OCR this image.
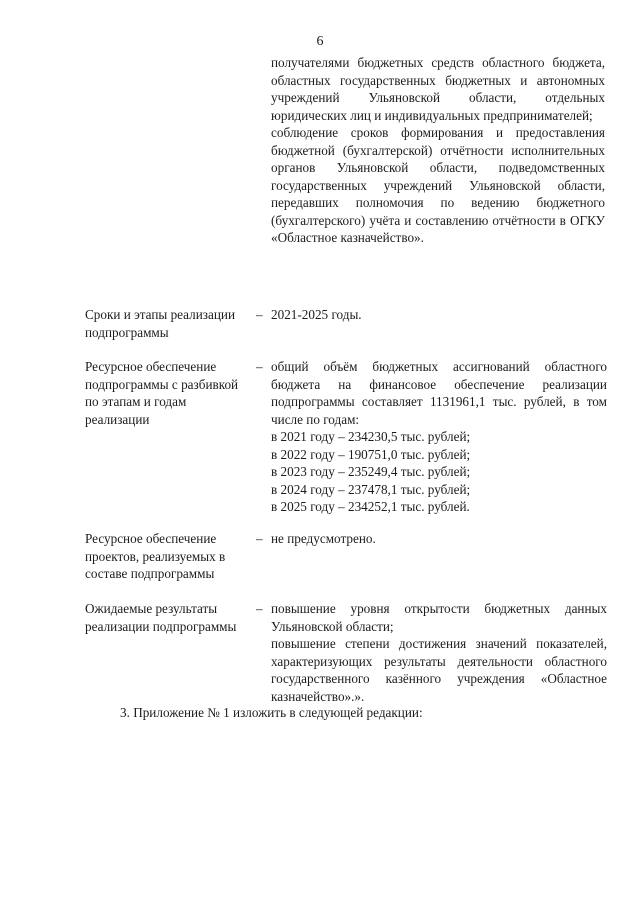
6
получателями бюджетных средств областного бюджета, областных государственных бюджетных и автономных учреждений Ульяновской области, отдельных юридических лиц и индивидуальных предпринимателей;
соблюдение сроков формирования и предоставления бюджетной (бухгалтерской) отчётности исполнительных органов Ульяновской области, подведомственных государственных учреждений Ульяновской области, передавших полномочия по ведению бюджетного (бухгалтерского) учёта и составлению отчётности в ОГКУ «Областное казначейство».
Сроки и этапы реализации подпрограммы
– 2021-2025 годы.
Ресурсное обеспечение подпрограммы с разбивкой по этапам и годам реализации
– общий объём бюджетных ассигнований областного бюджета на финансовое обеспечение реализации подпрограммы составляет 1131961,1 тыс. рублей, в том числе по годам:
в 2021 году – 234230,5 тыс. рублей;
в 2022 году – 190751,0 тыс. рублей;
в 2023 году – 235249,4 тыс. рублей;
в 2024 году – 237478,1 тыс. рублей;
в 2025 году – 234252,1 тыс. рублей.
Ресурсное обеспечение проектов, реализуемых в составе подпрограммы
– не предусмотрено.
Ожидаемые результаты реализации подпрограммы
– повышение уровня открытости бюджетных данных Ульяновской области;
повышение степени достижения значений показателей, характеризующих результаты деятельности областного государственного казённого учреждения «Областное казначейство».».
3. Приложение № 1 изложить в следующей редакции:
